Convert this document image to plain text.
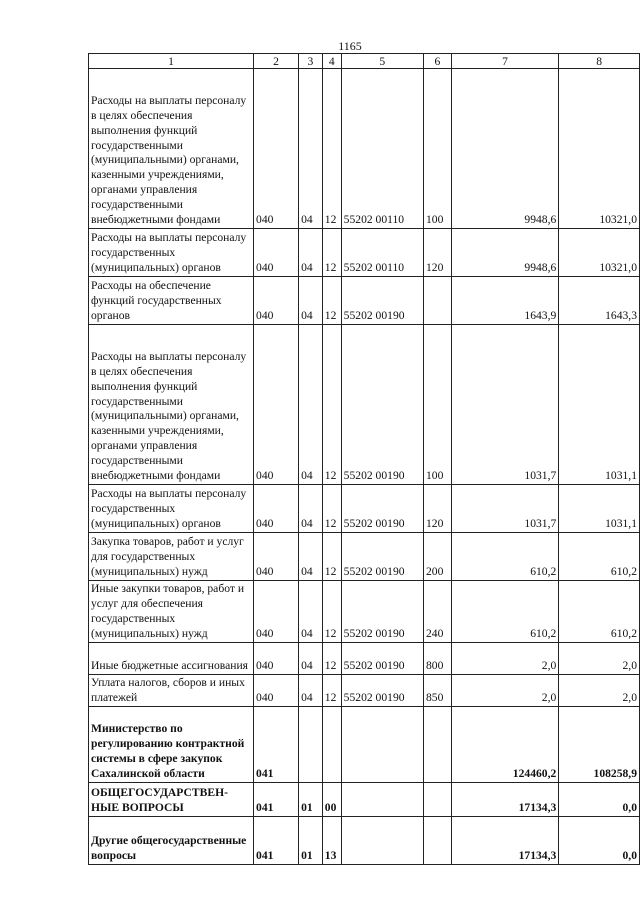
1165
1	2	3	4	5	6	7	8
Расходы на выплаты персоналу в целях обеспечения выполнения функций государственными (муниципальными) органами, казенными учреждениями, органами управления государственными внебюджетными фондами	040	04	12	55202 00110	100	9948,6	10321,0
Расходы на выплаты персоналу государственных (муниципальных) органов	040	04	12	55202 00110	120	9948,6	10321,0
Расходы на обеспечение функций государственных органов	040	04	12	55202 00190		1643,9	1643,3
Расходы на выплаты персоналу в целях обеспечения выполнения функций государственными (муниципальными) органами, казенными учреждениями, органами управления государственными внебюджетными фондами	040	04	12	55202 00190	100	1031,7	1031,1
Расходы на выплаты персоналу государственных (муниципальных) органов	040	04	12	55202 00190	120	1031,7	1031,1
Закупка товаров, работ и услуг для государственных (муниципальных) нужд	040	04	12	55202 00190	200	610,2	610,2
Иные закупки товаров, работ и услуг для обеспечения государственных (муниципальных) нужд	040	04	12	55202 00190	240	610,2	610,2
Иные бюджетные ассигнования	040	04	12	55202 00190	800	2,0	2,0
Уплата налогов, сборов и иных платежей	040	04	12	55202 00190	850	2,0	2,0
Министерство по регулированию контрактной системы в сфере закупок Сахалинской области	041					124460,2	108258,9
ОБЩЕГОСУДАРСТВЕН-НЫЕ ВОПРОСЫ	041	01	00			17134,3	0,0
Другие общегосударственные вопросы	041	01	13			17134,3	0,0
